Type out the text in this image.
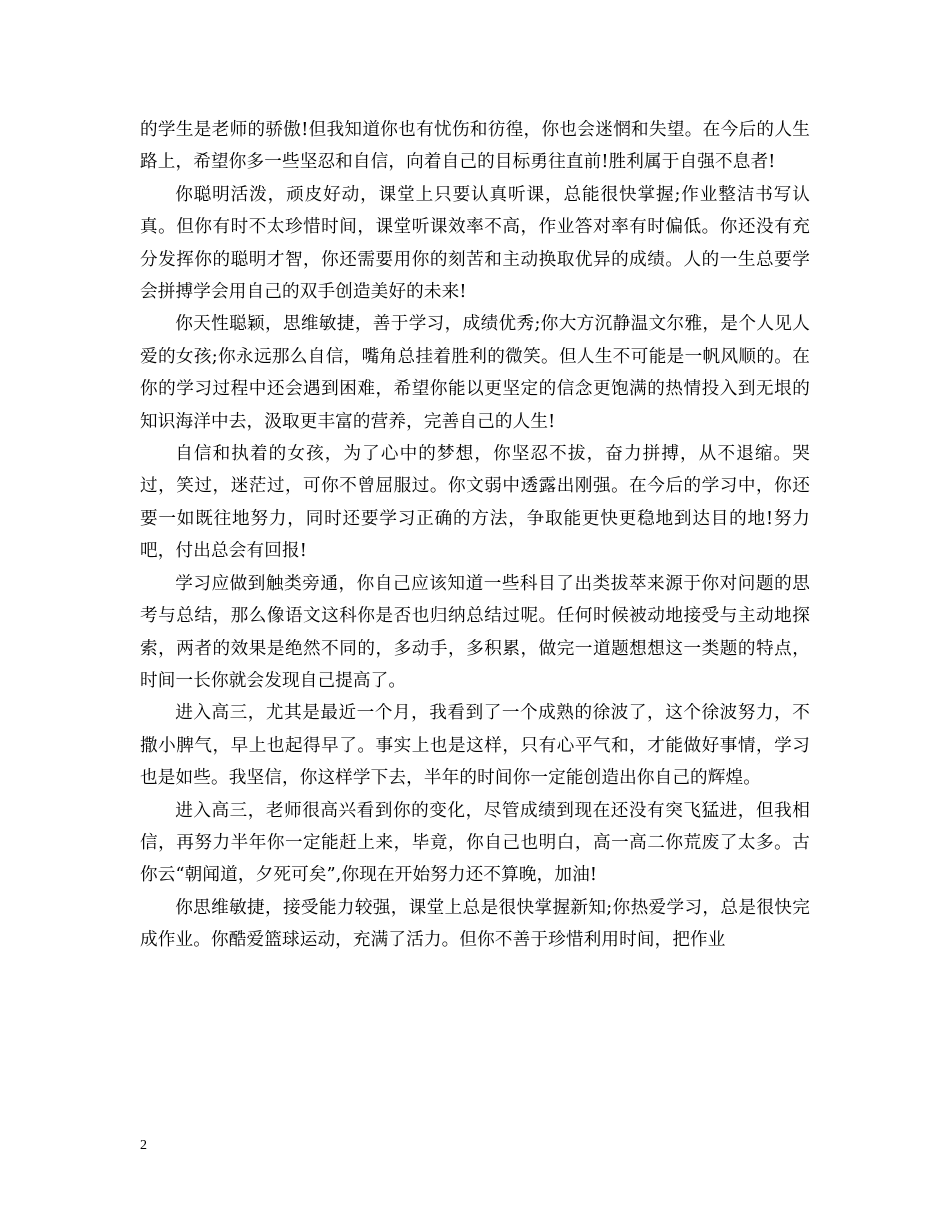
的学生是老师的骄傲!但我知道你也有忧伤和彷徨，你也会迷惘和失望。在今后的人生路上，希望你多一些坚忍和自信，向着自己的目标勇往直前!胜利属于自强不息者!

你聪明活泼，顽皮好动，课堂上只要认真听课，总能很快掌握;作业整洁书写认真。但你有时不太珍惜时间，课堂听课效率不高，作业答对率有时偏低。你还没有充分发挥你的聪明才智，你还需要用你的刻苦和主动换取优异的成绩。人的一生总要学会拼搏学会用自己的双手创造美好的未来!

你天性聪颖，思维敏捷，善于学习，成绩优秀;你大方沉静温文尔雅，是个人见人爱的女孩;你永远那么自信，嘴角总挂着胜利的微笑。但人生不可能是一帆风顺的。在你的学习过程中还会遇到困难，希望你能以更坚定的信念更饱满的热情投入到无垠的知识海洋中去，汲取更丰富的营养，完善自己的人生!

自信和执着的女孩，为了心中的梦想，你坚忍不拔，奋力拼搏，从不退缩。哭过，笑过，迷茫过，可你不曾屈服过。你文弱中透露出刚强。在今后的学习中，你还要一如既往地努力，同时还要学习正确的方法，争取能更快更稳地到达目的地!努力吧，付出总会有回报!

学习应做到触类旁通，你自己应该知道一些科目了出类拔萃来源于你对问题的思考与总结，那么像语文这科你是否也归纳总结过呢。任何时候被动地接受与主动地探索，两者的效果是绝然不同的，多动手，多积累，做完一道题想想这一类题的特点，时间一长你就会发现自己提高了。

进入高三，尤其是最近一个月，我看到了一个成熟的徐波了，这个徐波努力，不撒小脾气，早上也起得早了。事实上也是这样，只有心平气和，才能做好事情，学习也是如些。我坚信，你这样学下去，半年的时间你一定能创造出你自己的辉煌。

进入高三，老师很高兴看到你的变化，尽管成绩到现在还没有突飞猛进，但我相信，再努力半年你一定能赶上来，毕竟，你自己也明白，高一高二你荒废了太多。古你云“朝闻道，夕死可矣”,你现在开始努力还不算晚，加油!

你思维敏捷，接受能力较强，课堂上总是很快掌握新知;你热爱学习，总是很快完成作业。你酷爱篮球运动，充满了活力。但你不善于珍惜利用时间，把作业

2
